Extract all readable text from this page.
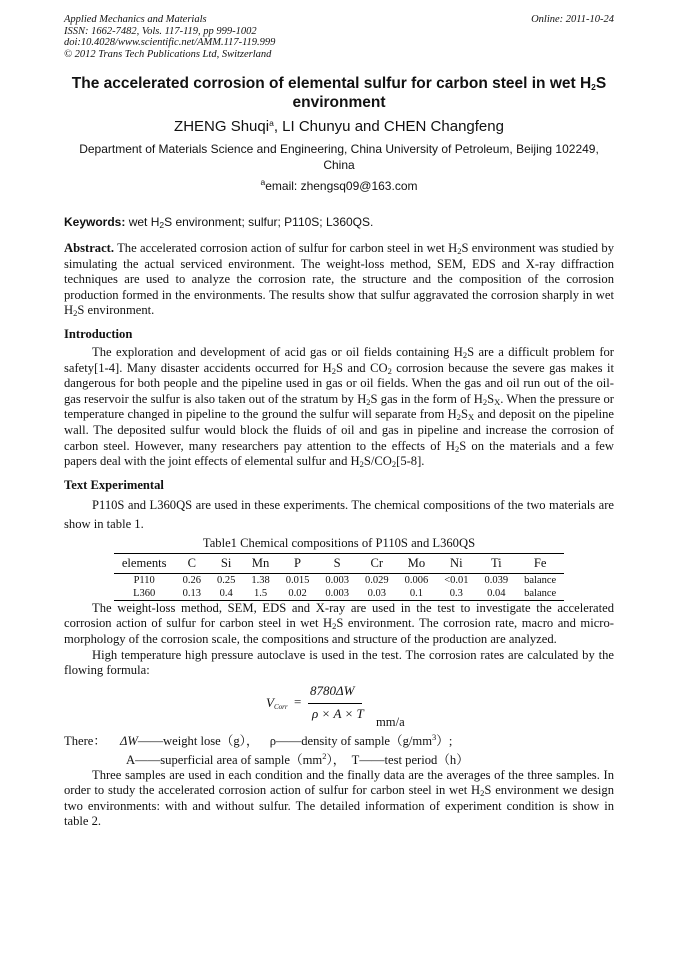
Applied Mechanics and Materials
ISSN: 1662-7482, Vols. 117-119, pp 999-1002
doi:10.4028/www.scientific.net/AMM.117-119.999
© 2012 Trans Tech Publications Ltd, Switzerland
Online: 2011-10-24
The accelerated corrosion of elemental sulfur for carbon steel in wet $H_2S$
environment
ZHENG Shuqi$^a$, LI Chunyu and CHEN Changfeng
Department of Materials Science and Engineering, China University of Petroleum, Beijing 102249,
China
$^a$email: zhengsq09@163.com
Keywords: wet $H_2S$ environment; sulfur; P110S; L360QS.
Abstract. The accelerated corrosion action of sulfur for carbon steel in wet $H_2S$ environment was studied by simulating the actual serviced environment. The weight-loss method, SEM, EDS and X-ray diffraction techniques are used to analyze the corrosion rate, the structure and the composition of the corrosion production formed in the environments. The results show that sulfur aggravated the corrosion sharply in wet $H_2S$ environment.
Introduction

The exploration and development of acid gas or oil fields containing $H_2S$ are a difficult problem for safety[1-4]. Many disaster accidents occurred for $H_2S$ and $CO_2$ corrosion because the severe gas makes it dangerous for both people and the pipeline used in gas or oil fields. When the gas and oil run out of the oil-gas reservoir the sulfur is also taken out of the stratum by $H_2S$ gas in the form of $H_2S_X$. When the pressure or temperature changed in pipeline to the ground the sulfur will separate from $H_2S_X$ and deposit on the pipeline wall. The deposited sulfur would block the fluids of oil and gas in pipeline and increase the corrosion of carbon steel. However, many researchers pay attention to the effects of $H_2S$ on the materials and a few papers deal with the joint effects of elemental sulfur and $H_2S/CO_2[5-8]$.

Text Experimental

P110S and L360QS are used in these experiments. The chemical compositions of the two materials are show in table 1.

Table1 Chemical compositions of P110S and L360QS
elements	C	Si	Mn	P	S	Cr	Mo	Ni	Ti	Fe
P110	0.26	0.25	1.38	0.015	0.003	0.029	0.006	<0.01	0.039	balance
L360	0.13	0.4	1.5	0.02	0.003	0.03	0.1	0.3	0.04	balance

The weight-loss method, SEM, EDS and X-ray are used in the test to investigate the accelerated corrosion action of sulfur for carbon steel in wet $H_2S$ environment. The corrosion rate, macro and micro- morphology of the corrosion scale, the compositions and structure of the production are analyzed.

High temperature high pressure autoclave is used in the test. The corrosion rates are calculated by the flowing formula:

$V_{Corr}$ =
8780ΔW
ρ × A × T
mm/a
There： ΔW——weight lose（g）， ρ——density of $sample(g/mm^3)$;
A——superficial area of $sample(mm^2)$， T——test period（h）

Three samples are used in each condition and the finally data are the averages of the three samples. In order to study the accelerated corrosion action of sulfur for carbon steel in wet $H_2S$ environment we design two environments: with and without sulfur. The detailed information of experiment condition is show in table 2.
